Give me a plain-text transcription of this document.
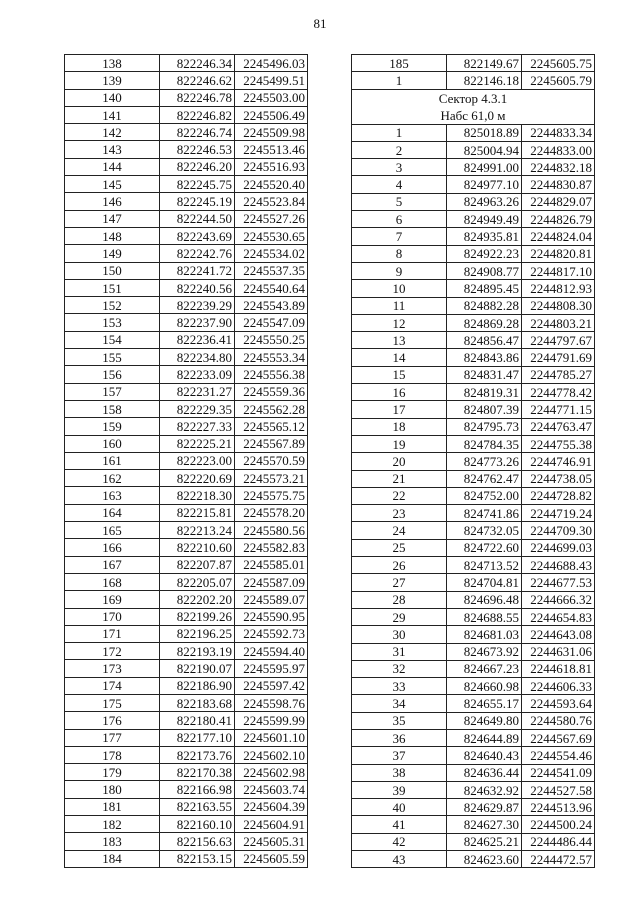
81
138	822246.34	2245496.03
139	822246.62	2245499.51
140	822246.78	2245503.00
141	822246.82	2245506.49
142	822246.74	2245509.98
143	822246.53	2245513.46
144	822246.20	2245516.93
145	822245.75	2245520.40
146	822245.19	2245523.84
147	822244.50	2245527.26
148	822243.69	2245530.65
149	822242.76	2245534.02
150	822241.72	2245537.35
151	822240.56	2245540.64
152	822239.29	2245543.89
153	822237.90	2245547.09
154	822236.41	2245550.25
155	822234.80	2245553.34
156	822233.09	2245556.38
157	822231.27	2245559.36
158	822229.35	2245562.28
159	822227.33	2245565.12
160	822225.21	2245567.89
161	822223.00	2245570.59
162	822220.69	2245573.21
163	822218.30	2245575.75
164	822215.81	2245578.20
165	822213.24	2245580.56
166	822210.60	2245582.83
167	822207.87	2245585.01
168	822205.07	2245587.09
169	822202.20	2245589.07
170	822199.26	2245590.95
171	822196.25	2245592.73
172	822193.19	2245594.40
173	822190.07	2245595.97
174	822186.90	2245597.42
175	822183.68	2245598.76
176	822180.41	2245599.99
177	822177.10	2245601.10
178	822173.76	2245602.10
179	822170.38	2245602.98
180	822166.98	2245603.74
181	822163.55	2245604.39
182	822160.10	2245604.91
183	822156.63	2245605.31
184	822153.15	2245605.59
185	822149.67	2245605.75
1	822146.18	2245605.79

Сектор 4.3.1
Набс 61,0 м		

1	825018.89	2244833.34
2	825004.94	2244833.00
3	824991.00	2244832.18
4	824977.10	2244830.87
5	824963.26	2244829.07
6	824949.49	2244826.79
7	824935.81	2244824.04
8	824922.23	2244820.81
9	824908.77	2244817.10
10	824895.45	2244812.93
11	824882.28	2244808.30
12	824869.28	2244803.21
13	824856.47	2244797.67
14	824843.86	2244791.69
15	824831.47	2244785.27
16	824819.31	2244778.42
17	824807.39	2244771.15
18	824795.73	2244763.47
19	824784.35	2244755.38
20	824773.26	2244746.91
21	824762.47	2244738.05
22	824752.00	2244728.82
23	824741.86	2244719.24
24	824732.05	2244709.30
25	824722.60	2244699.03
26	824713.52	2244688.43
27	824704.81	2244677.53
28	824696.48	2244666.32
29	824688.55	2244654.83
30	824681.03	2244643.08
31	824673.92	2244631.06
32	824667.23	2244618.81
33	824660.98	2244606.33
34	824655.17	2244593.64
35	824649.80	2244580.76
36	824644.89	2244567.69
37	824640.43	2244554.46
38	824636.44	2244541.09
39	824632.92	2244527.58
40	824629.87	2244513.96
41	824627.30	2244500.24
42	824625.21	2244486.44
43	824623.60	2244472.57
